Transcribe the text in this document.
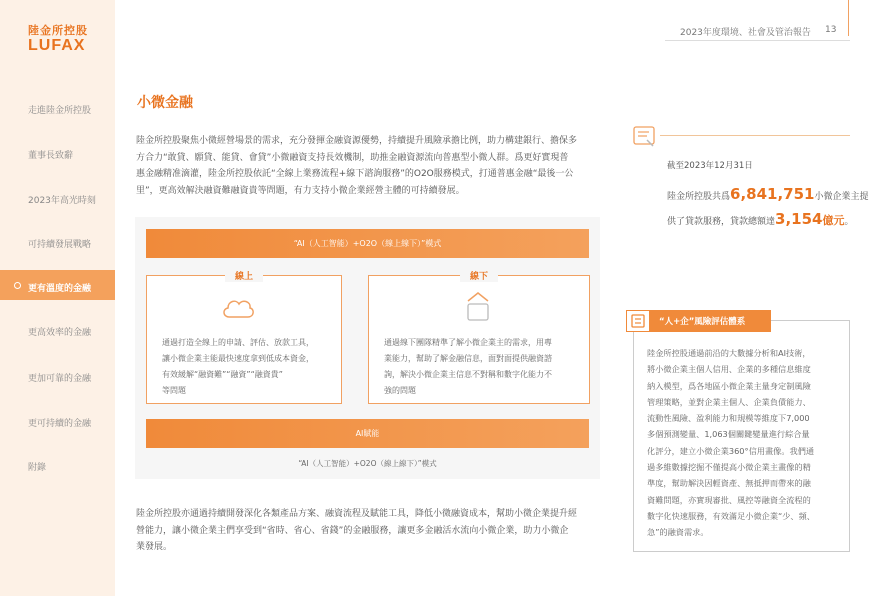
陸金所控股
LUFAX
走進陸金所控股
董事長致辭
2023年高光時刻
可持續發展戰略
更有溫度的金融
更高效率的金融
更加可靠的金融
更可持續的金融
附錄
2023年度環境、社會及管治報告 13
小微金融
陸金所控股聚焦小微經營場景的需求，充分發揮金融資源優勢，持續提升風險承擔比例，助力構建銀行、擔保多
方合力“敢貸、願貸、能貸、會貸”小微融資支持長效機制，助推金融資源流向普惠型小微人群。爲更好實現普
惠金融精准滴灌，陸金所控股依託“全線上業務流程+線下諮詢服務”的O2O服務模式，打通普惠金融“最後一公
里”，更高效解決融資難融資貴等問題，有力支持小微企業經營主體的可持續發展。
“AI（人工智能）+O2O（線上線下）”模式
線上
通過打造全線上的申請、評估、放款工具，
讓小微企業主能最快速度拿到低成本資金，
有效緩解“融資難”“融資”“融資貴”
等問題
線下
通過線下團隊精準了解小微企業主的需求，用專
業能力，幫助了解金融信息，面對面提供融資諮
詢，解決小微企業主信息不對稱和數字化能力不
強的問題
AI賦能
“AI（人工智能）+O2O（線上線下）”模式
陸金所控股亦通過持續開發深化各類產品方案、融資流程及賦能工具，降低小微融資成本，幫助小微企業提升經
營能力，讓小微企業主們享受到“省時、省心、省錢”的金融服務，讓更多金融活水流向小微企業，助力小微企
業發展。
截至2023年12月31日
陸金所控股共爲6,841,751小微企業主提
供了貸款服務，貸款總額達3,154億元。
“人+企”風險評估體系
陸金所控股通過前沿的大數據分析和AI技術，
將小微企業主個人信用、企業的多種信息維度
納入模型，爲各地區小微企業主量身定制風險
管理策略，並對企業主個人、企業負債能力、
流動性風險、盈利能力和規模等維度下7,000
多個預測變量、1,063個關鍵變量進行綜合量
化評分，建立小微企業360°信用畫像。我們通
過多維數據挖掘不僅提高小微企業主畫像的精
準度，幫助解決因輕資產、無抵押而帶來的融
資難問題，亦實現審批、風控等融資全流程的
數字化快速服務，有效滿足小微企業“少、頻、
急”的融資需求。
